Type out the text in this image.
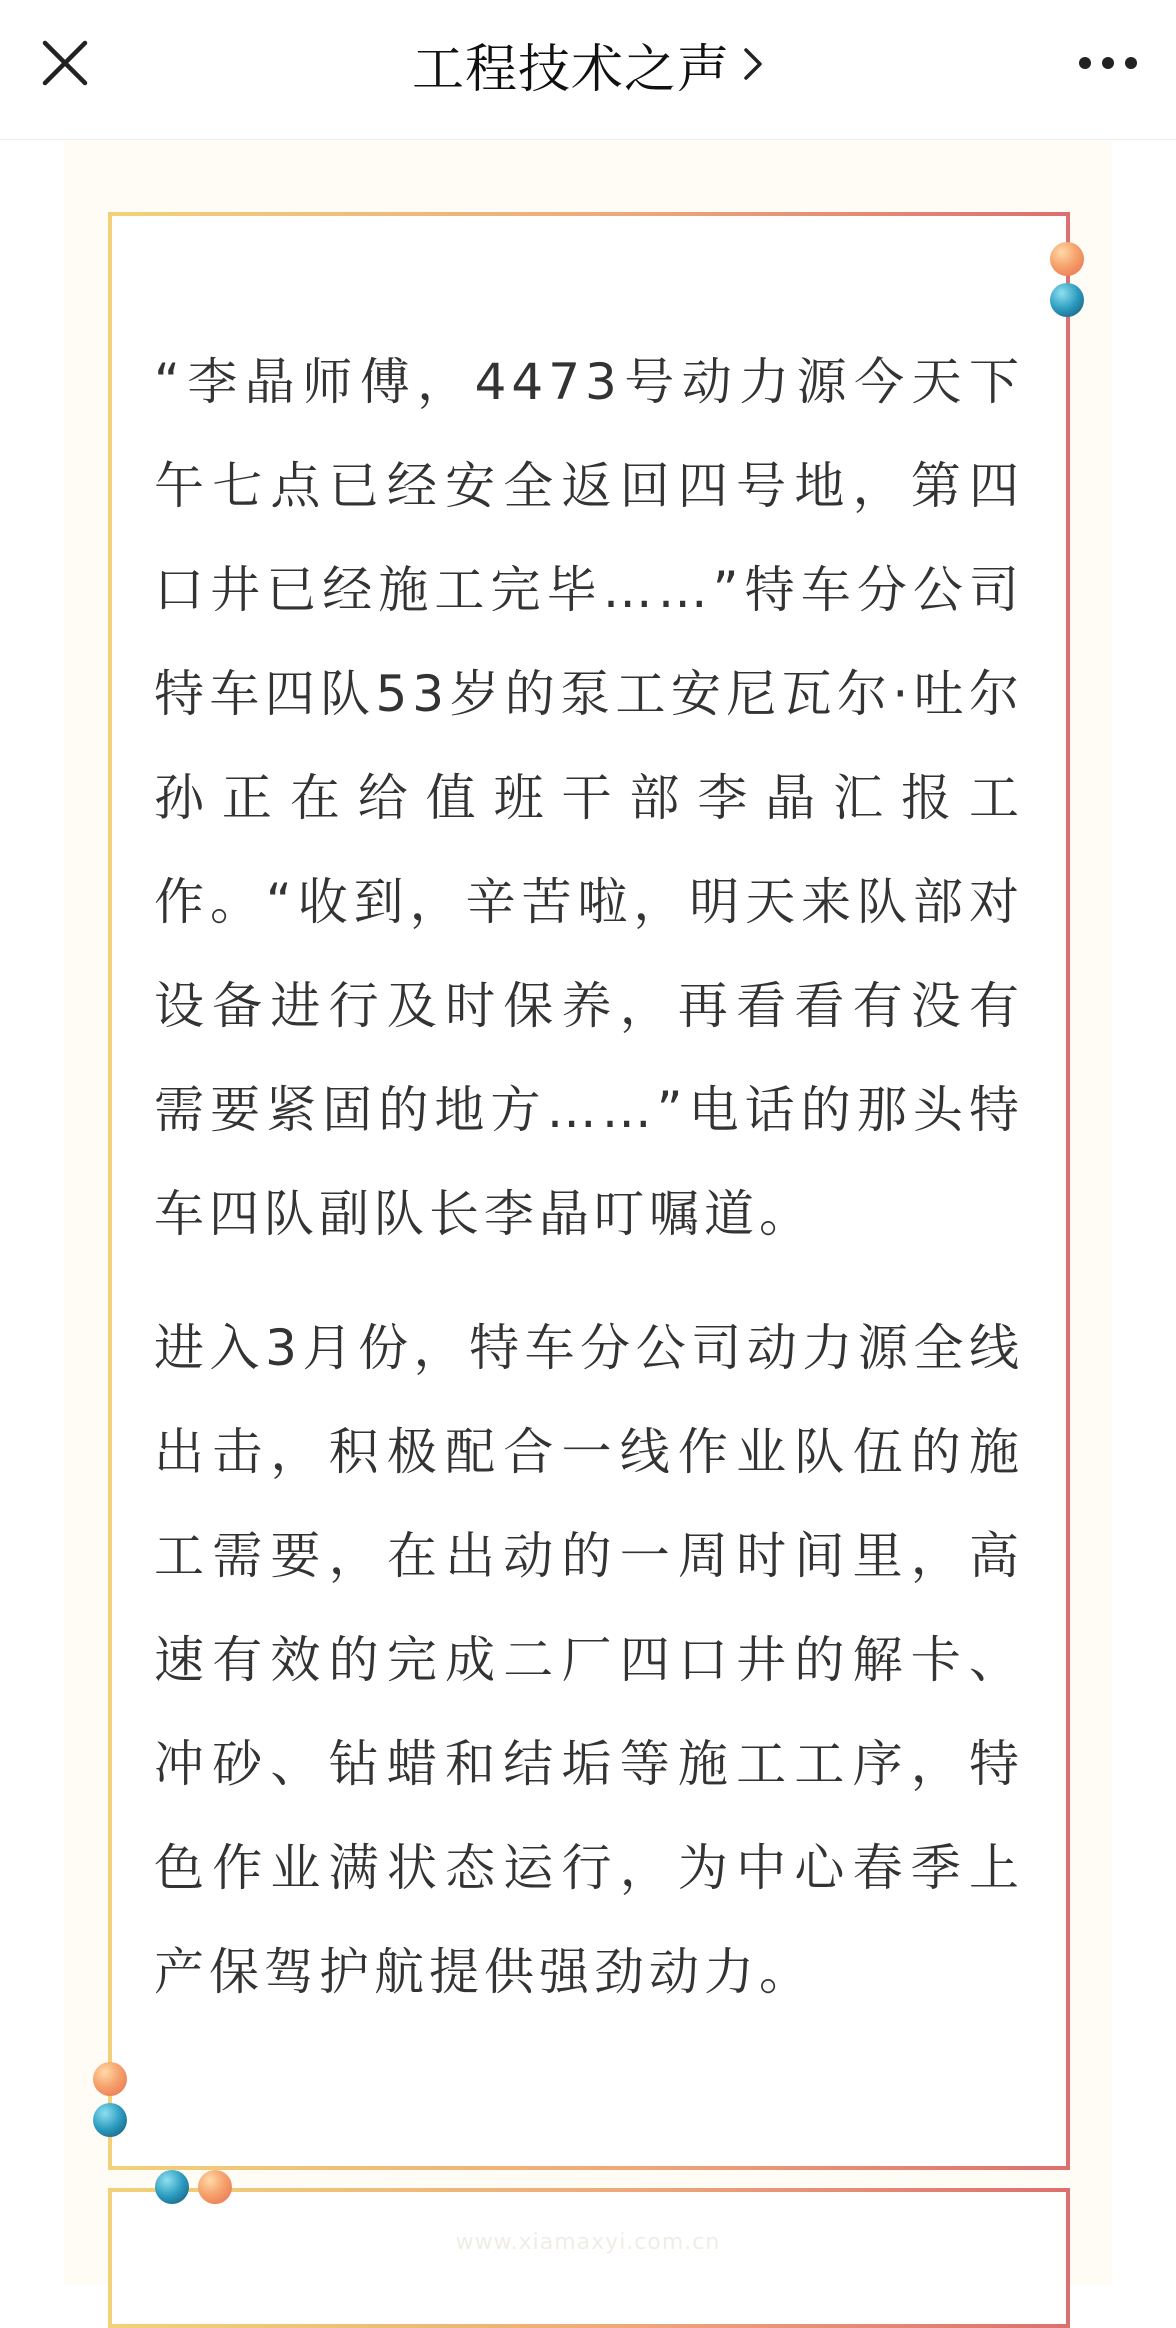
工程技术之声

“李晶师傅，4473号动力源今天下午七点已经安全返回四号地，第四口井已经施工完毕……”特车分公司特车四队53岁的泵工安尼瓦尔·吐尔孙正在给值班干部李晶汇报工作。“收到，辛苦啦，明天来队部对设备进行及时保养，再看看有没有需要紧固的地方……”电话的那头特车四队副队长李晶叮嘱道。

进入3月份，特车分公司动力源全线出击，积极配合一线作业队伍的施工需要，在出动的一周时间里，高速有效的完成二厂四口井的解卡、冲砂、钻蜡和结垢等施工工序，特色作业满状态运行，为中心春季上产保驾护航提供强劲动力。

www.xiamaxyi.com.cn
